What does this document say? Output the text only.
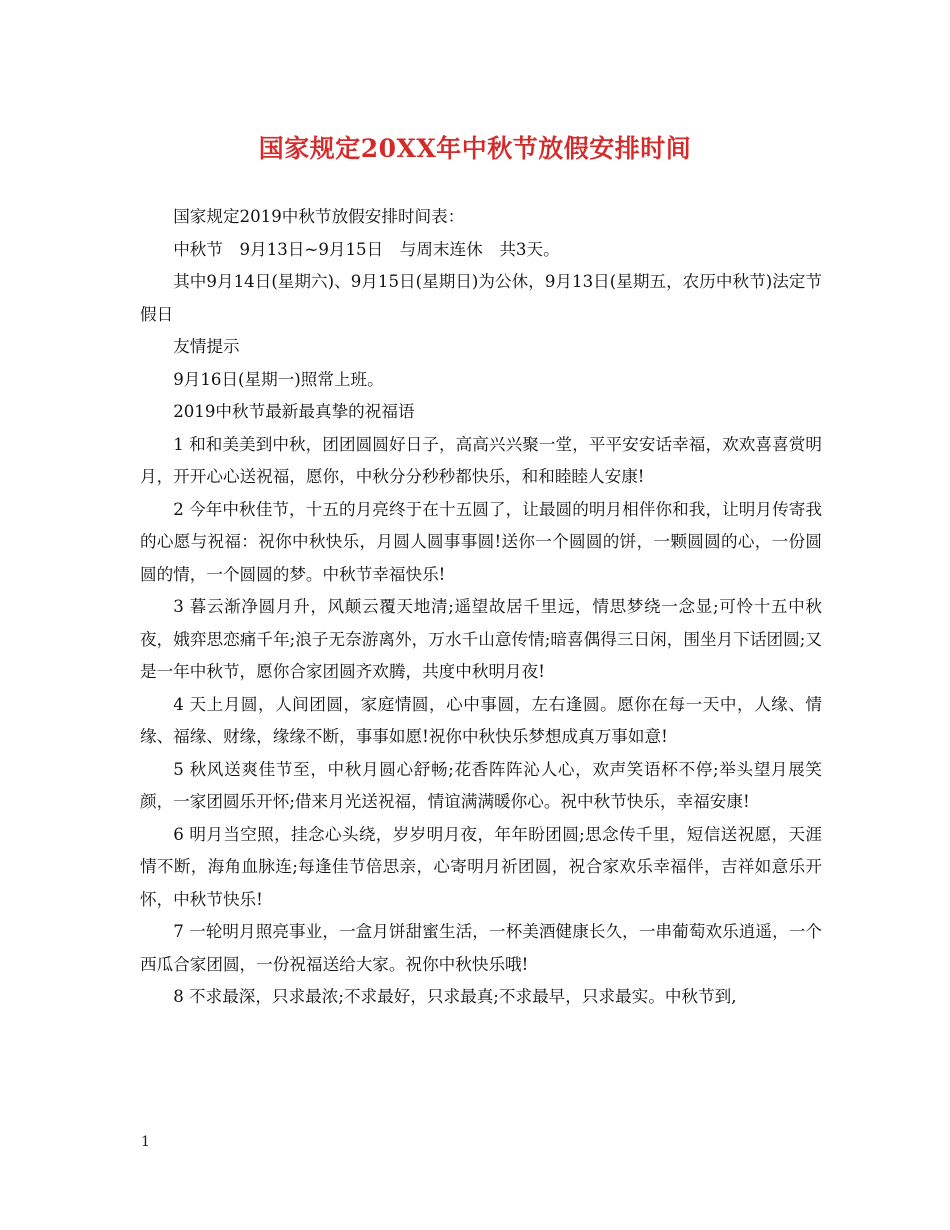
国家规定20XX年中秋节放假安排时间

国家规定2019中秋节放假安排时间表：

中秋节　9月13日~9月15日　与周末连休　共3天。

其中9月14日(星期六)、9月15日(星期日)为公休，9月13日(星期五，农历中秋节)法定节假日

友情提示

9月16日(星期一)照常上班。

2019中秋节最新最真挚的祝福语

1 和和美美到中秋，团团圆圆好日子，高高兴兴聚一堂，平平安安话幸福，欢欢喜喜赏明月，开开心心送祝福，愿你，中秋分分秒秒都快乐，和和睦睦人安康!

2 今年中秋佳节，十五的月亮终于在十五圆了，让最圆的明月相伴你和我，让明月传寄我的心愿与祝福：祝你中秋快乐，月圆人圆事事圆!送你一个圆圆的饼，一颗圆圆的心，一份圆圆的情，一个圆圆的梦。中秋节幸福快乐!

3 暮云渐净圆月升，风颠云覆天地清;遥望故居千里远，情思梦绕一念显;可怜十五中秋夜，娥弈思恋痛千年;浪子无奈游离外，万水千山意传情;暗喜偶得三日闲，围坐月下话团圆;又是一年中秋节，愿你合家团圆齐欢腾，共度中秋明月夜!

4 天上月圆，人间团圆，家庭情圆，心中事圆，左右逢圆。愿你在每一天中，人缘、情缘、福缘、财缘，缘缘不断，事事如愿!祝你中秋快乐梦想成真万事如意!

5 秋风送爽佳节至，中秋月圆心舒畅;花香阵阵沁人心，欢声笑语杯不停;举头望月展笑颜，一家团圆乐开怀;借来月光送祝福，情谊满满暖你心。祝中秋节快乐，幸福安康!

6 明月当空照，挂念心头绕，岁岁明月夜，年年盼团圆;思念传千里，短信送祝愿，天涯情不断，海角血脉连;每逢佳节倍思亲，心寄明月祈团圆，祝合家欢乐幸福伴，吉祥如意乐开怀，中秋节快乐!

7 一轮明月照亮事业，一盒月饼甜蜜生活，一杯美酒健康长久，一串葡萄欢乐逍遥，一个西瓜合家团圆，一份祝福送给大家。祝你中秋快乐哦!

8 不求最深，只求最浓;不求最好，只求最真;不求最早，只求最实。中秋节到,

1
